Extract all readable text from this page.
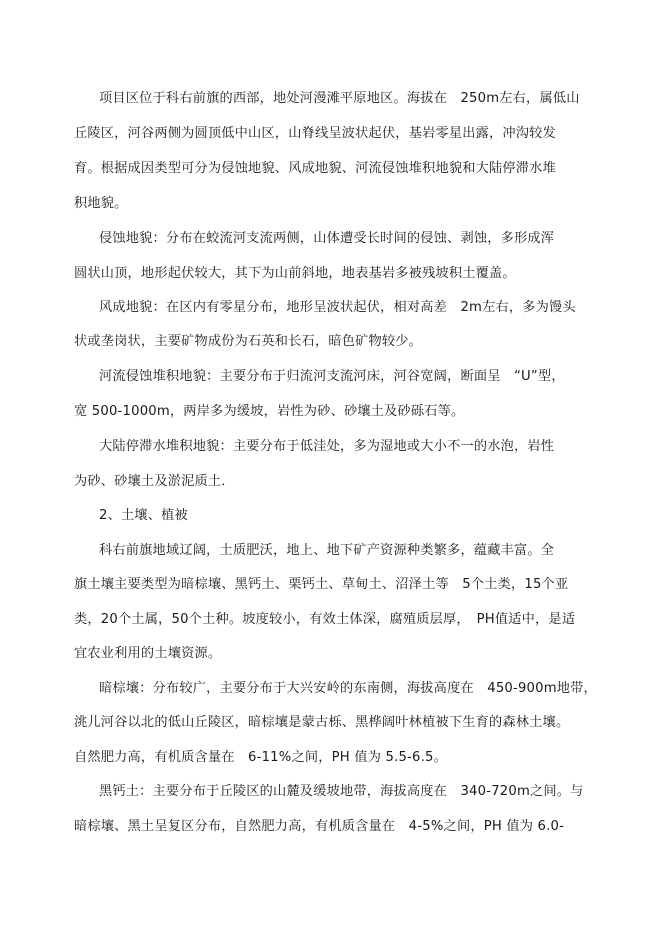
项目区位于科右前旗的西部，地处河漫滩平原地区。海拔在　250m左右，属低山
丘陵区，河谷两侧为圆顶低中山区，山脊线呈波状起伏，基岩零星出露，冲沟较发
育。根据成因类型可分为侵蚀地貌、风成地貌、河流侵蚀堆积地貌和大陆停滞水堆
积地貌。
侵蚀地貌：分布在蛟流河支流两侧，山体遭受长时间的侵蚀、剥蚀，多形成浑
圆状山顶，地形起伏较大，其下为山前斜地，地表基岩多被残坡积土覆盖。
风成地貌：在区内有零星分布，地形呈波状起伏，相对高差　2m左右，多为馒头
状或垄岗状，主要矿物成份为石英和长石，暗色矿物较少。
河流侵蚀堆积地貌：主要分布于归流河支流河床，河谷宽阔，断面呈　“U”型，
宽 500-1000m，两岸多为缓坡，岩性为砂、砂壤土及砂砾石等。
大陆停滞水堆积地貌：主要分布于低洼处，多为湿地或大小不一的水泡，岩性
为砂、砂壤土及淤泥质土．
2、土壤、植被
科右前旗地域辽阔，土质肥沃，地上、地下矿产资源种类繁多，蕴藏丰富。全
旗土壤主要类型为暗棕壤、黑钙土、栗钙土、草甸土、沼泽土等　5个土类，15个亚
类，20个土属，50个土种。坡度较小，有效土体深，腐殖质层厚，　PH值适中，是适
宜农业利用的土壤资源。
暗棕壤：分布较广，主要分布于大兴安岭的东南侧，海拔高度在　450-900m地带，
洮儿河谷以北的低山丘陵区，暗棕壤是蒙古栎、黑桦阔叶林植被下生育的森林土壤。
自然肥力高，有机质含量在　6-11%之间，PH 值为 5.5-6.5。
黑钙土：主要分布于丘陵区的山麓及缓坡地带，海拔高度在　340-720m之间。与
暗棕壤、黑土呈复区分布，自然肥力高，有机质含量在　4-5%之间，PH 值为 6.0-
